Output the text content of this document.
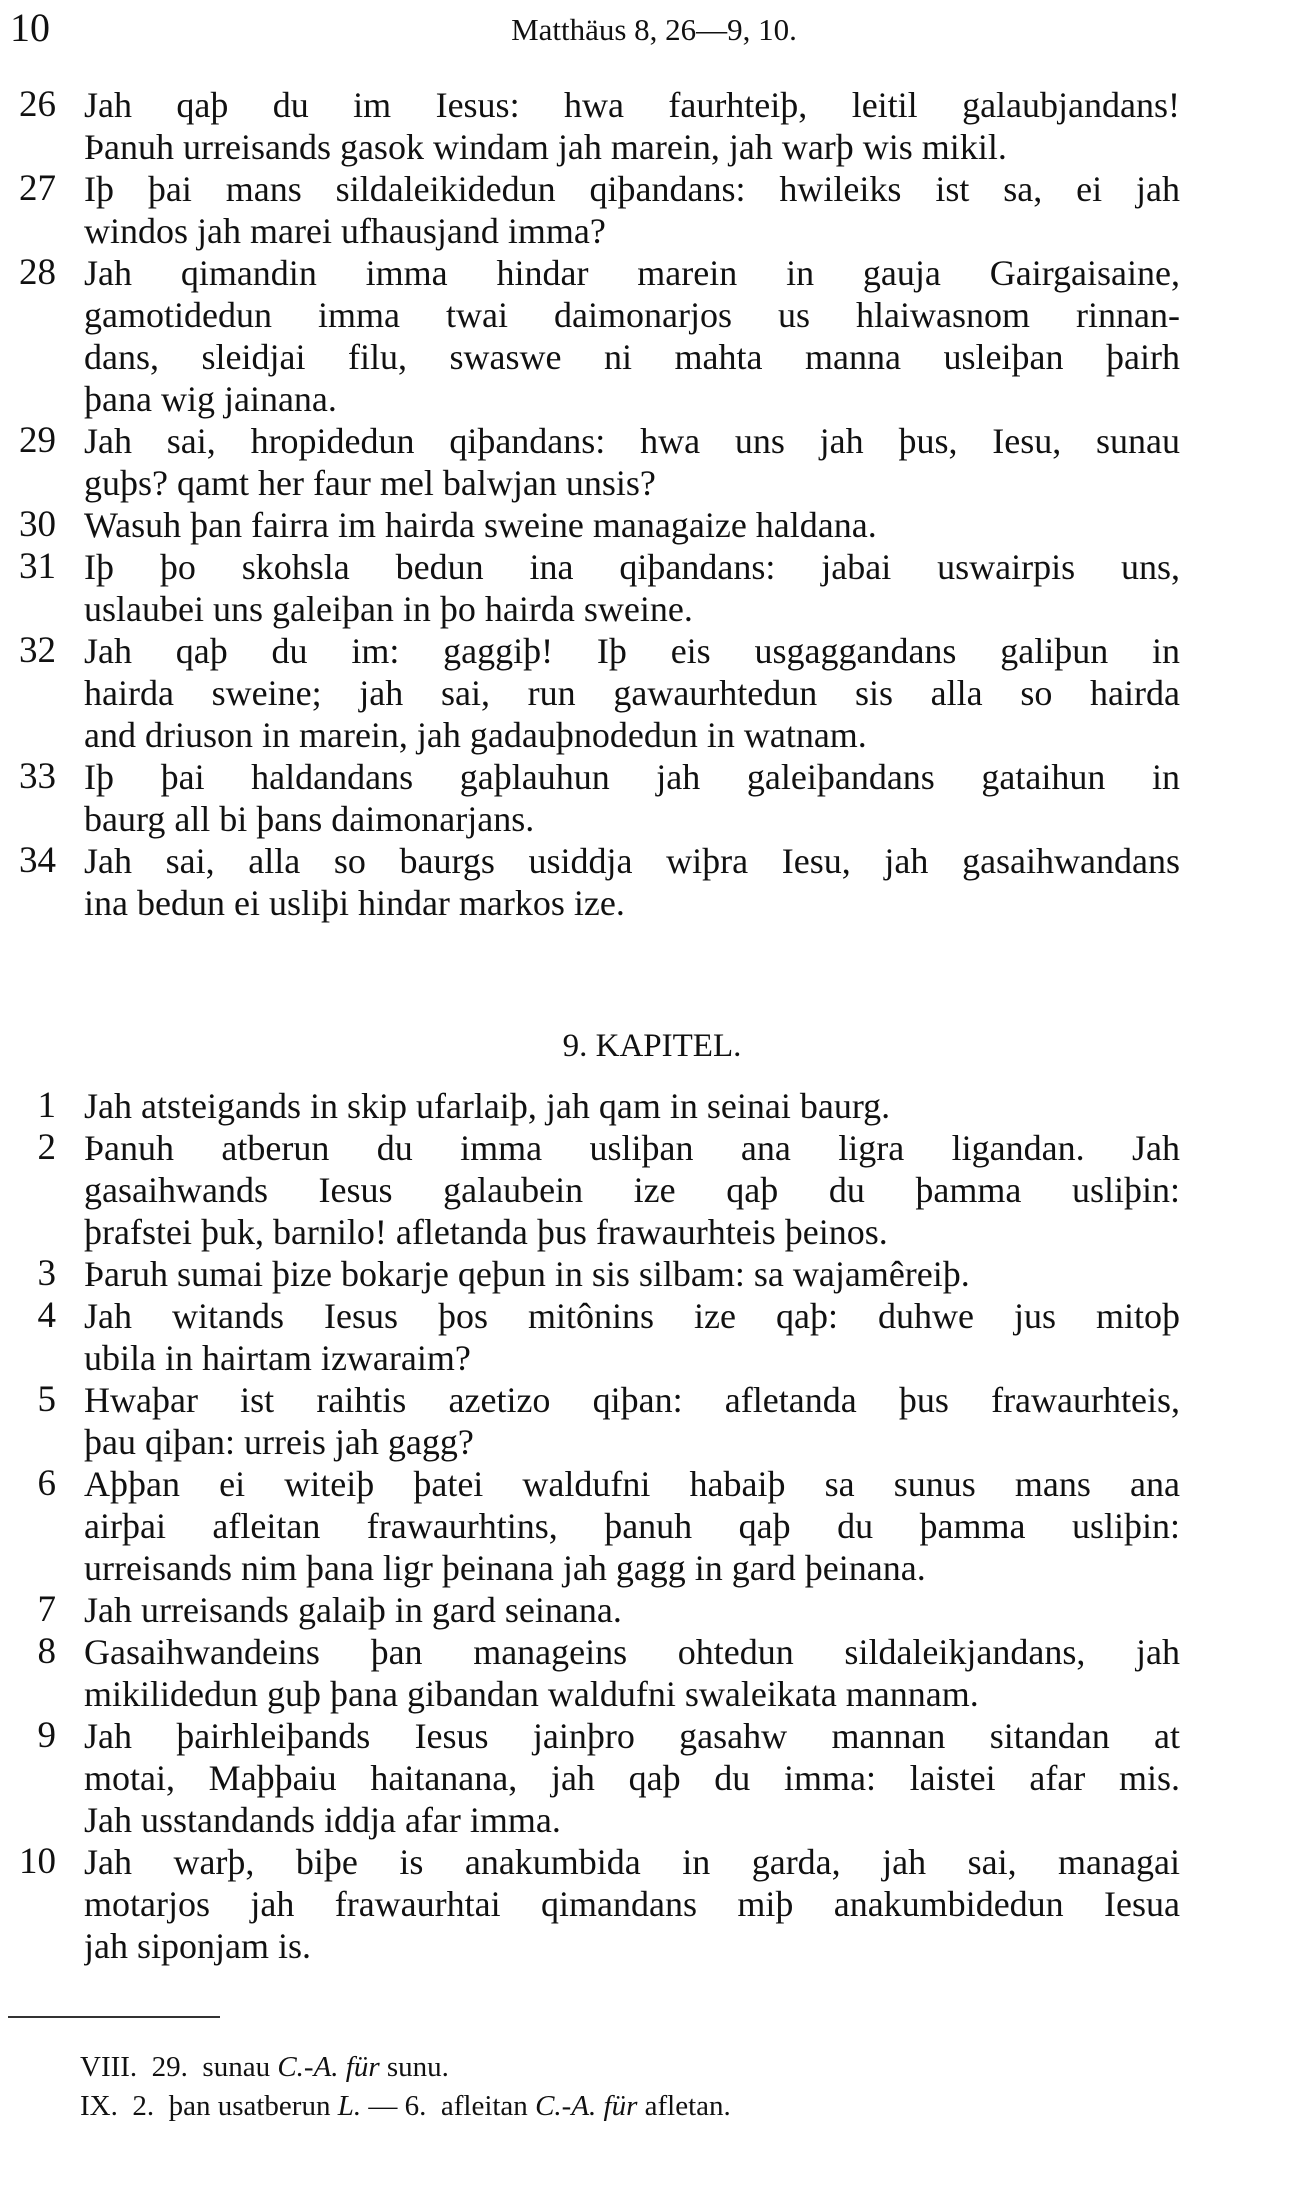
10	Matthäus 8, 26—9, 10.
26 Jah qaþ du im Iesus: hwa faurhteiþ, leitil galaubjandans!
Þanuh urreisands gasok windam jah marein, jah warþ wis mikil.
27 Iþ þai mans sildaleikidedun qiþandans: hwileiks ist sa, ei jah
windos jah marei ufhausjand imma?
28 Jah qimandin imma hindar marein in gauja Gairgaisaine,
gamotidedun imma twai daimonarjos us hlaiwasnom rinnan-
dans, sleidjai filu, swaswe ni mahta manna usleiþan þairh
þana wig jainana.
29 Jah sai, hropidedun qiþandans: hwa uns jah þus, Iesu, sunau
guþs? qamt her faur mel balwjan unsis?
30 Wasuh þan fairra im hairda sweine managaize haldana.
31 Iþ þo skohsla bedun ina qiþandans: jabai uswairpis uns,
uslaubei uns galeiþan in þo hairda sweine.
32 Jah qaþ du im: gaggiþ! Iþ eis usgaggandans galiþun in
hairda sweine; jah sai, run gawaurhtedun sis alla so hairda
and driuson in marein, jah gadauþnodedun in watnam.
33 Iþ þai haldandans gaþlauhun jah galeiþandans gataihun in
baurg all bi þans daimonarjans.
34 Jah sai, alla so baurgs usiddja wiþra Iesu, jah gasaihwandans
ina bedun ei usliþi hindar markos ize.
9. KAPITEL.
1 Jah atsteigands in skip ufarlaiþ, jah qam in seinai baurg.
2 Þanuh atberun du imma usliþan ana ligra ligandan. Jah
gasaihwands Iesus galaubein ize qaþ du þamma usliþin:
þrafstei þuk, barnilo! afletanda þus frawaurhteis þeinos.
3 Þaruh sumai þize bokarje qeþun in sis silbam: sa wajamêreiþ.
4 Jah witands Iesus þos mitônins ize qaþ: duhwe jus mitoþ
ubila in hairtam izwaraim?
5 Hwaþar ist raihtis azetizo qiþan: afletanda þus frawaurhteis,
þau qiþan: urreis jah gagg?
6 Aþþan ei witeiþ þatei waldufni habaiþ sa sunus mans ana
airþai afleitan frawaurhtins, þanuh qaþ du þamma usliþin:
urreisands nim þana ligr þeinana jah gagg in gard þeinana.
7 Jah urreisands galaiþ in gard seinana.
8 Gasaihwandeins þan manageins ohtedun sildaleikjandans, jah
mikilidedun guþ þana gibandan waldufni swaleikata mannam.
9 Jah þairhleiþands Iesus jainþro gasahw mannan sitandan at
motai, Maþþaiu haitanana, jah qaþ du imma: laistei afar mis.
Jah usstandands iddja afar imma.
10 Jah warþ, biþe is anakumbida in garda, jah sai, managai
motarjos jah frawaurhtai qimandans miþ anakumbidedun Iesua
jah siponjam is.
VIII.  29.  sunau C.-A. für sunu.
IX.  2.  þan usatberun L. — 6.  afleitan C.-A. für afletan.
